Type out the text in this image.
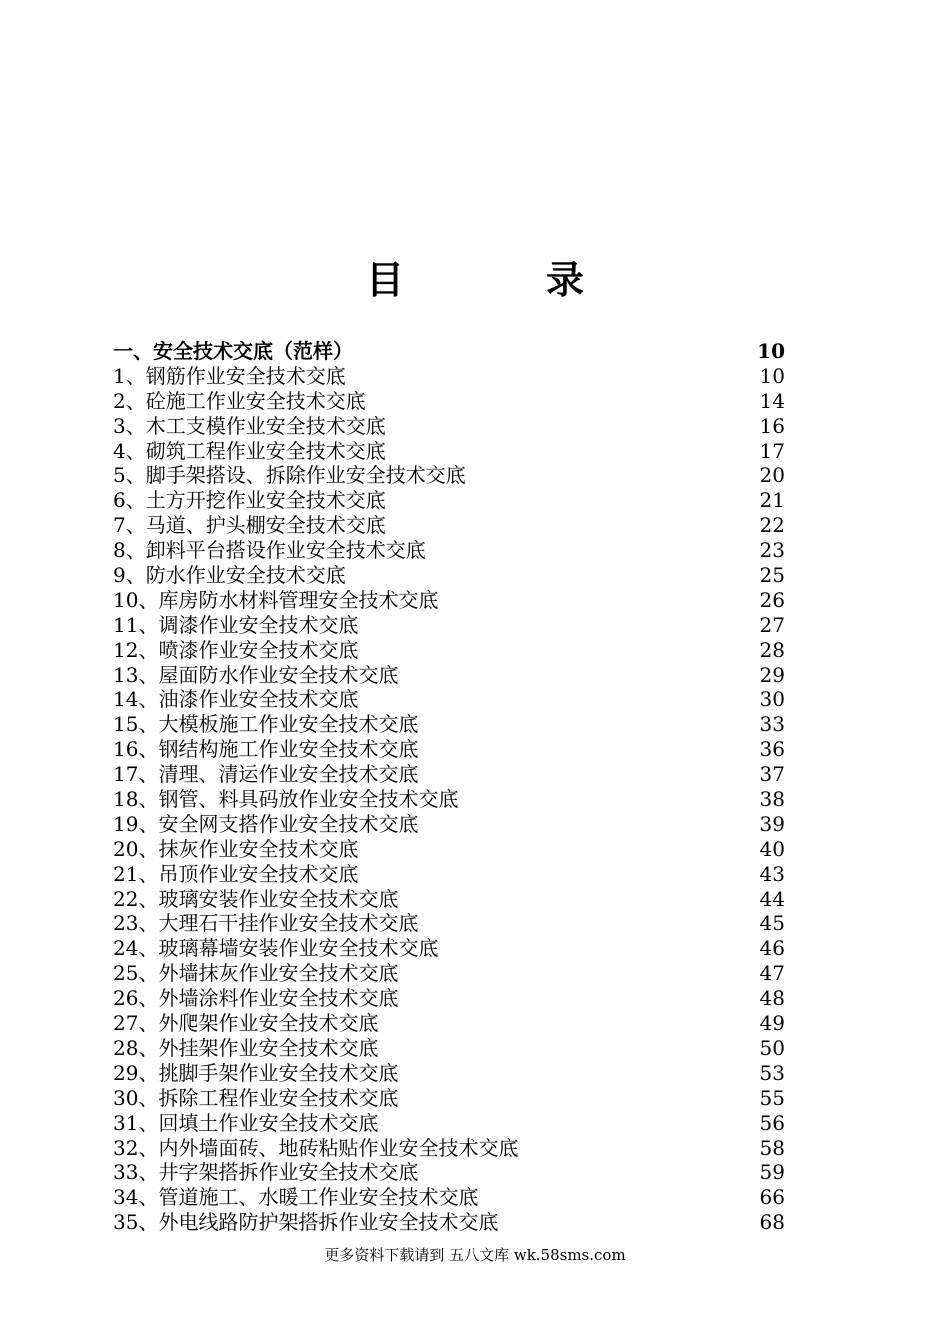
目　录
一、安全技术交底（范样）	10
1、钢筋作业安全技术交底	10
2、砼施工作业安全技术交底	14
3、木工支模作业安全技术交底	16
4、砌筑工程作业安全技术交底	17
5、脚手架搭设、拆除作业安全技术交底	20
6、土方开挖作业安全技术交底	21
7、马道、护头棚安全技术交底	22
8、卸料平台搭设作业安全技术交底	23
9、防水作业安全技术交底	25
10、库房防水材料管理安全技术交底	26
11、调漆作业安全技术交底	27
12、喷漆作业安全技术交底	28
13、屋面防水作业安全技术交底	29
14、油漆作业安全技术交底	30
15、大模板施工作业安全技术交底	33
16、钢结构施工作业安全技术交底	36
17、清理、清运作业安全技术交底	37
18、钢管、料具码放作业安全技术交底	38
19、安全网支搭作业安全技术交底	39
20、抹灰作业安全技术交底	40
21、吊顶作业安全技术交底	43
22、玻璃安装作业安全技术交底	44
23、大理石干挂作业安全技术交底	45
24、玻璃幕墙安装作业安全技术交底	46
25、外墙抹灰作业安全技术交底	47
26、外墙涂料作业安全技术交底	48
27、外爬架作业安全技术交底	49
28、外挂架作业安全技术交底	50
29、挑脚手架作业安全技术交底	53
30、拆除工程作业安全技术交底	55
31、回填土作业安全技术交底	56
32、内外墙面砖、地砖粘贴作业安全技术交底	58
33、井字架搭拆作业安全技术交底	59
34、管道施工、水暖工作业安全技术交底	66
35、外电线路防护架搭拆作业安全技术交底	68
更多资料下载请到 五八文库 wk.58sms.com
